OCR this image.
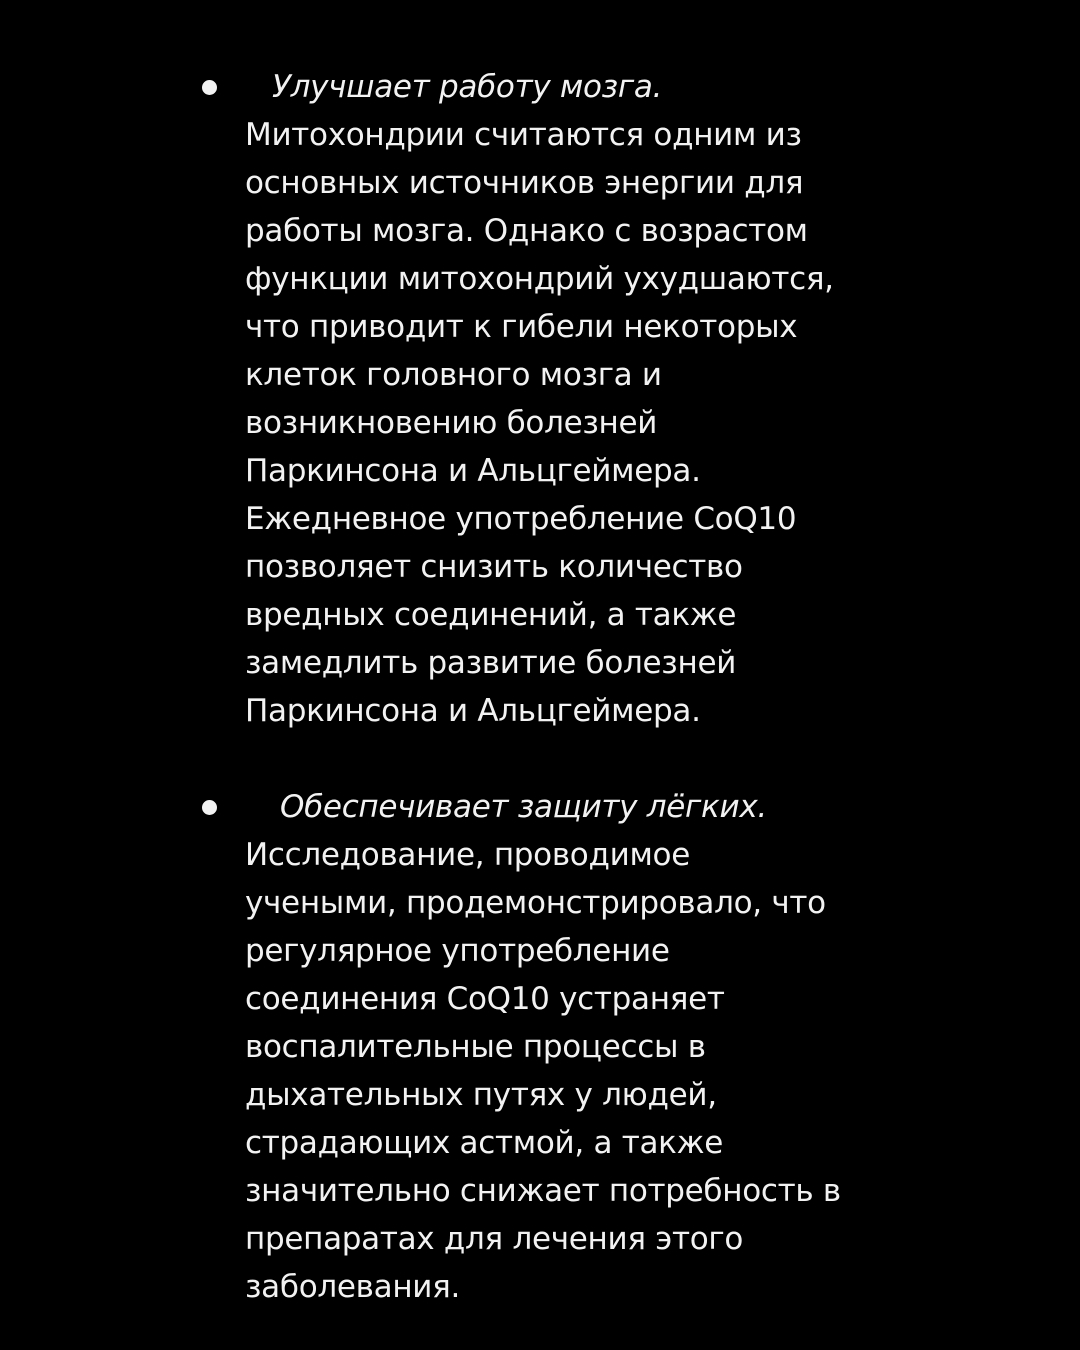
Улучшает работу мозга.
Митохондрии считаются одним из
основных источников энергии для
работы мозга. Однако с возрастом
функции митохондрий ухудшаются,
что приводит к гибели некоторых
клеток головного мозга и
возникновению болезней
Паркинсона и Альцгеймера.
Ежедневное употребление CoQ10
позволяет снизить количество
вредных соединений, а также
замедлить развитие болезней
Паркинсона и Альцгеймера.
Обеспечивает защиту лёгких.
Исследование, проводимое
учеными, продемонстрировало, что
регулярное употребление
соединения CoQ10 устраняет
воспалительные процессы в
дыхательных путях у людей,
страдающих астмой, а также
значительно снижает потребность в
препаратах для лечения этого
заболевания.
